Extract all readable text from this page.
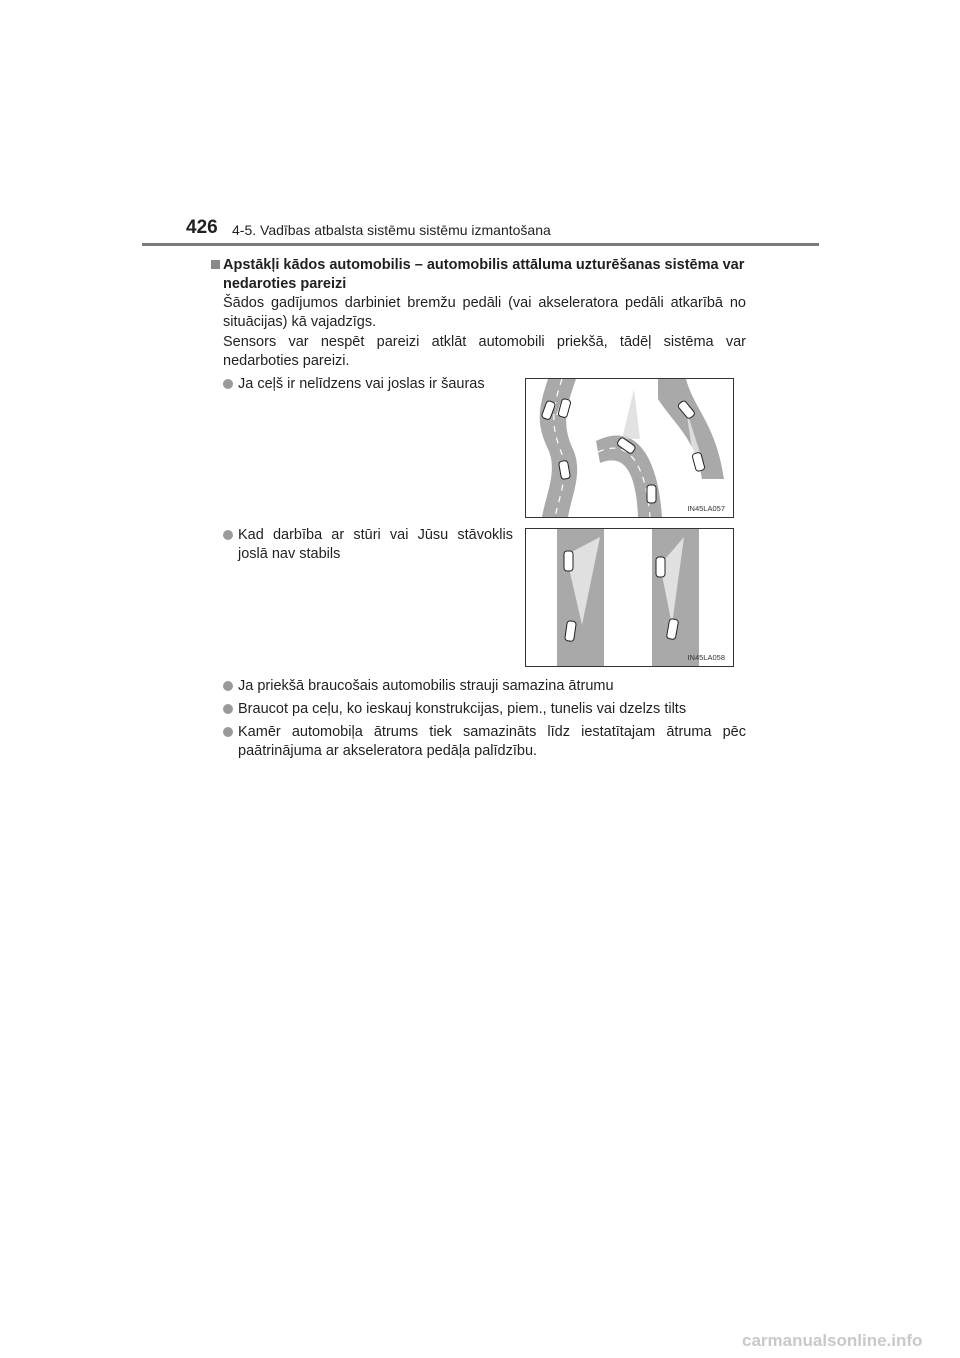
426 4-5. Vadības atbalsta sistēmu sistēmu izmantošana
Apstākļi kādos automobilis – automobilis attāluma uzturēšanas sistēma var nedaroties pareizi
Šādos gadījumos darbiniet bremžu pedāli (vai akseleratora pedāli atkarībā no situācijas) kā vajadzīgs.
Sensors var nespēt pareizi atklāt automobili priekšā, tādēļ sistēma var nedarboties pareizi.
Ja ceļš ir nelīdzens vai joslas ir šauras
IN45LA057
Kad darbība ar stūri vai Jūsu stāvoklis joslā nav stabils
IN45LA058
Ja priekšā braucošais automobilis strauji samazina ātrumu
Braucot pa ceļu, ko ieskauj konstrukcijas, piem., tunelis vai dzelzs tilts
Kamēr automobiļa ātrums tiek samazināts līdz iestatītajam ātruma pēc paātrinājuma ar akseleratora pedāļa palīdzību.
carmanualsonline.info
